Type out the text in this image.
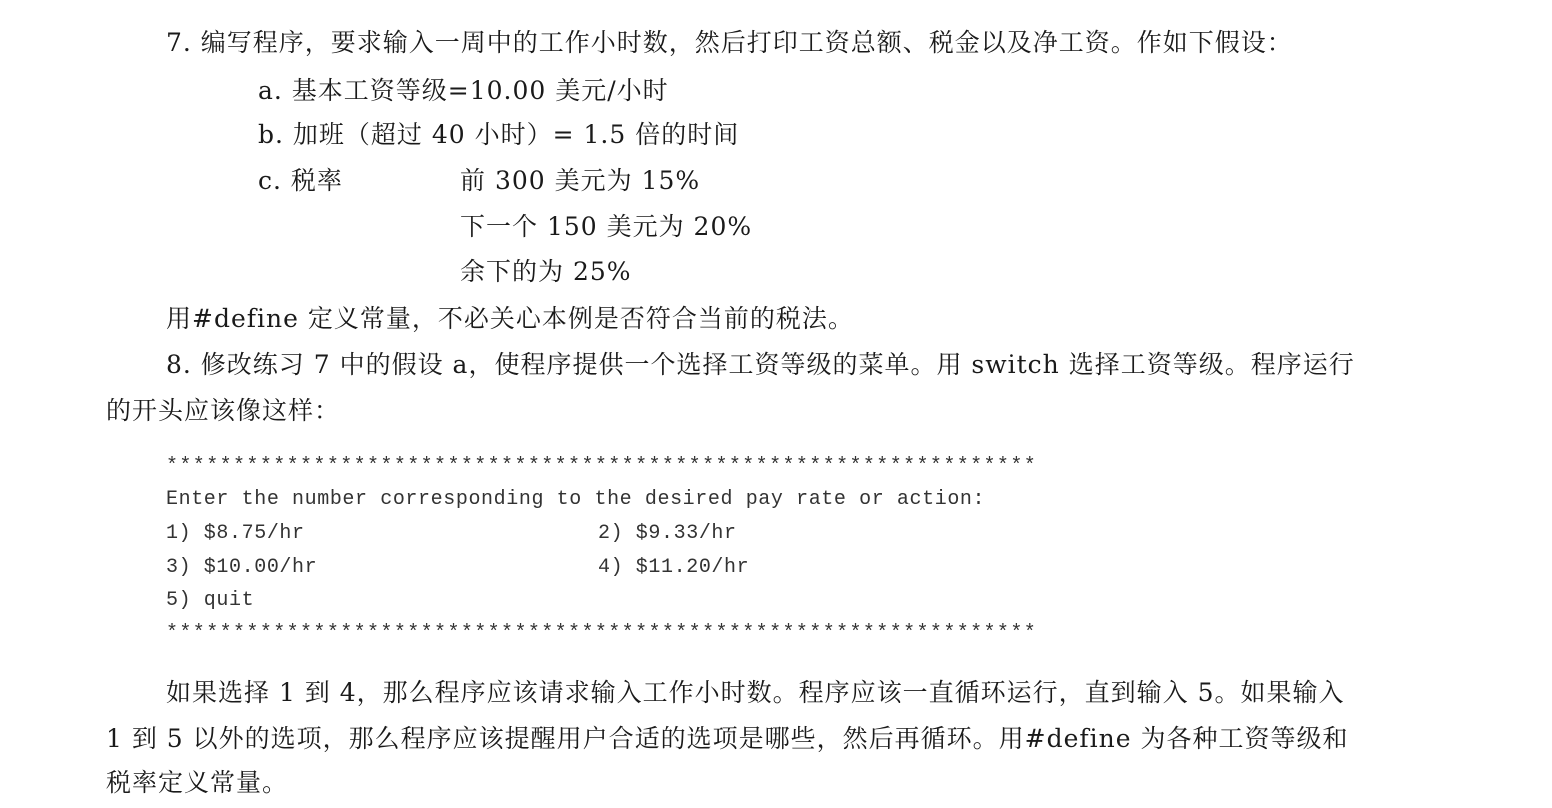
7. 编写程序，要求输入一周中的工作小时数，然后打印工资总额、税金以及净工资。作如下假设：
a. 基本工资等级=10.00 美元/小时
b. 加班（超过 40 小时）= 1.5 倍的时间
c. 税率	前 300 美元为 15%
下一个 150 美元为 20%
余下的为 25%
用#define 定义常量，不必关心本例是否符合当前的税法。
8. 修改练习 7 中的假设 a，使程序提供一个选择工资等级的菜单。用 switch 选择工资等级。程序运行
的开头应该像这样：
*****************************************************************
Enter the number corresponding to the desired pay rate or action:
1) $8.75/hr	2) $9.33/hr
3) $10.00/hr	4) $11.20/hr
5) quit
*****************************************************************
如果选择 1 到 4，那么程序应该请求输入工作小时数。程序应该一直循环运行，直到输入 5。如果输入
1 到 5 以外的选项，那么程序应该提醒用户合适的选项是哪些，然后再循环。用#define 为各种工资等级和
税率定义常量。
